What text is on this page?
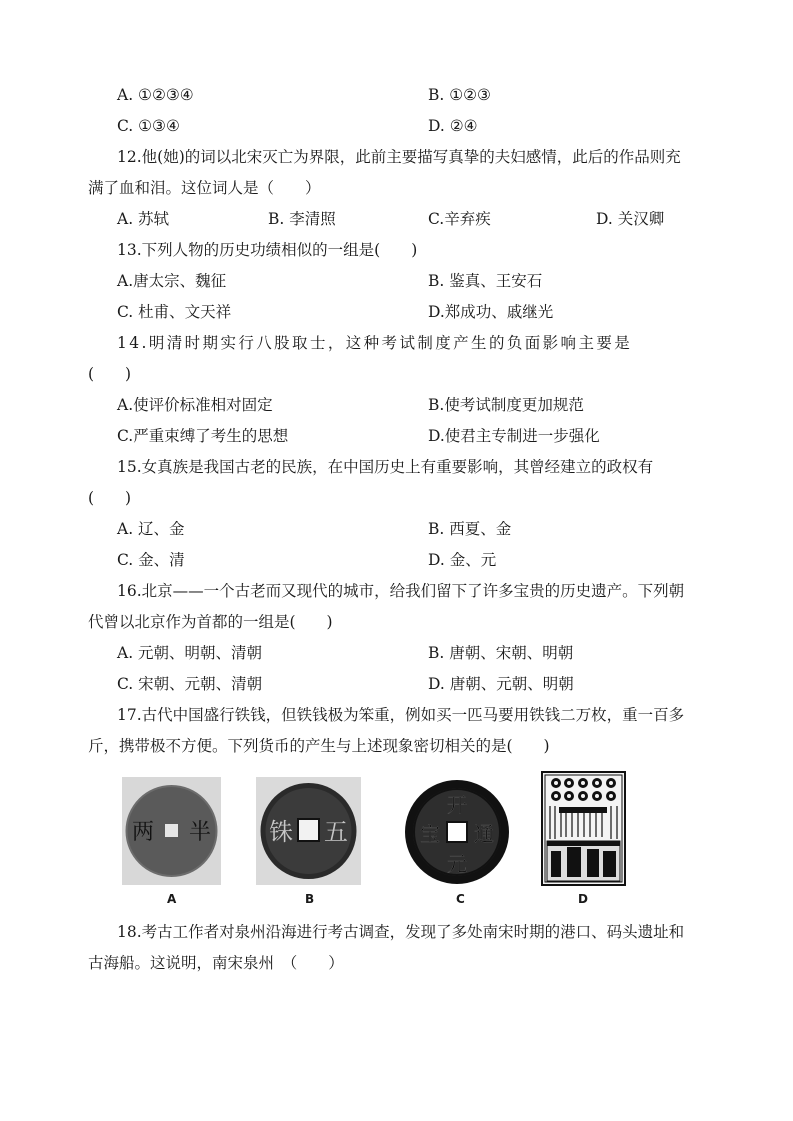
A. ①②③④	B. ①②③
C. ①③④	D. ②④
12.他(她)的词以北宋灭亡为界限，此前主要描写真挚的夫妇感情，此后的作品则充
满了血和泪。这位词人是（　　）
A. 苏轼	B. 李清照	C.辛弃疾	D. 关汉卿
13.下列人物的历史功绩相似的一组是(　　)
A.唐太宗、魏征	B. 鉴真、王安石
C. 杜甫、文天祥	D.郑成功、戚继光
14.明清时期实行八股取士，这种考试制度产生的负面影响主要是
(　　)
A.使评价标准相对固定	B.使考试制度更加规范
C.严重束缚了考生的思想	D.使君主专制进一步强化
15.女真族是我国古老的民族，在中国历史上有重要影响，其曾经建立的政权有
(　　)
A. 辽、金	B. 西夏、金
C. 金、清	D. 金、元
16.北京——一个古老而又现代的城市，给我们留下了许多宝贵的历史遗产。下列朝
代曾以北京作为首都的一组是(　　)
A. 元朝、明朝、清朝	B. 唐朝、宋朝、明朝
C. 宋朝、元朝、清朝	D. 唐朝、元朝、明朝
17.古代中国盛行铁钱，但铁钱极为笨重，例如买一匹马要用铁钱二万枚，重一百多
斤，携带极不方便。下列货币的产生与上述现象密切相关的是(　　)
半
两
A
五
铢
B
开
元
通
宝
C	D
18.考古工作者对泉州沿海进行考古调查，发现了多处南宋时期的港口、码头遗址和
古海船。这说明，南宋泉州　（　　）
